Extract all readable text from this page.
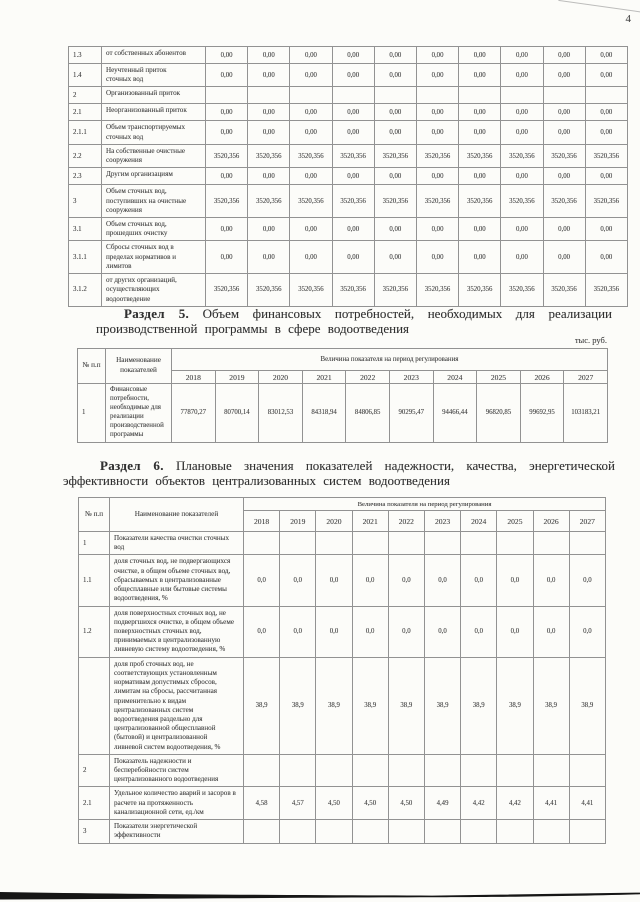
4
1.3	от собственных абонентов	0,00	0,00	0,00	0,00	0,00	0,00	0,00	0,00	0,00	0,00
1.4	Неучтенный приток сточных вод	0,00	0,00	0,00	0,00	0,00	0,00	0,00	0,00	0,00	0,00
2	Организованный приток										
2.1	Неорганизованный приток	0,00	0,00	0,00	0,00	0,00	0,00	0,00	0,00	0,00	0,00
2.1.1	Объем транспортируемых сточных вод	0,00	0,00	0,00	0,00	0,00	0,00	0,00	0,00	0,00	0,00
2.2	На собственные очистные сооружения	3520,356	3520,356	3520,356	3520,356	3520,356	3520,356	3520,356	3520,356	3520,356	3520,356
2.3	Другим организациям	0,00	0,00	0,00	0,00	0,00	0,00	0,00	0,00	0,00	0,00
3	Объем сточных вод, поступивших на очистные сооружения	3520,356	3520,356	3520,356	3520,356	3520,356	3520,356	3520,356	3520,356	3520,356	3520,356
3.1	Объем сточных вод, прошедших очистку	0,00	0,00	0,00	0,00	0,00	0,00	0,00	0,00	0,00	0,00
3.1.1	Сбросы сточных вод в пределах нормативов и лимитов	0,00	0,00	0,00	0,00	0,00	0,00	0,00	0,00	0,00	0,00
3.1.2	от других организаций, осуществляющих водоотведение	3520,356	3520,356	3520,356	3520,356	3520,356	3520,356	3520,356	3520,356	3520,356	3520,356
Раздел 5. Объем финансовых потребностей, необходимых для реализации производственной программы в сфере водоотведения
тыс. руб.
№ п.п	Наименование показателей	Величина показателя на период регулирования									
		2018	2019	2020	2021	2022	2023	2024	2025	2026	2027
1	Финансовые потребности, необходимые для реализации производственной программы	77870,27	80700,14	83012,53	84318,94	84806,85	90295,47	94466,44	96820,85	99692,95	103183,21
Раздел 6. Плановые значения показателей надежности, качества, энергетической эффективности объектов централизованных систем водоотведения
№ п.п	Наименование показателей	Величина показателя на период регулирования									
		2018	2019	2020	2021	2022	2023	2024	2025	2026	2027
1	Показатели качества очистки сточных вод										
1.1	доля сточных вод, не подвергающихся очистке, в общем объеме сточных вод, сбрасываемых в централизованные общесплавные или бытовые системы водоотведения, %	0,0	0,0	0,0	0,0	0,0	0,0	0,0	0,0	0,0	0,0
1.2	доля поверхностных сточных вод, не подвергшихся очистке, в общем объеме поверхностных сточных вод, принимаемых в централизованную ливневую систему водоотведения, %	0,0	0,0	0,0	0,0	0,0	0,0	0,0	0,0	0,0	0,0
	доля проб сточных вод, не соответствующих установленным нормативам допустимых сбросов, лимитам на сбросы, рассчитанная применительно к видам централизованных систем водоотведения раздельно для централизованной общесплавной (бытовой) и централизованной ливневой систем водоотведения, %	38,9	38,9	38,9	38,9	38,9	38,9	38,9	38,9	38,9	38,9
2	Показатель надежности и бесперебойности систем централизованного водоотведения										
2.1	Удельное количество аварий и засоров в расчете на протяженность канализационной сети, ед./км	4,58	4,57	4,50	4,50	4,50	4,49	4,42	4,42	4,41	4,41
3	Показатели энергетической эффективности										
